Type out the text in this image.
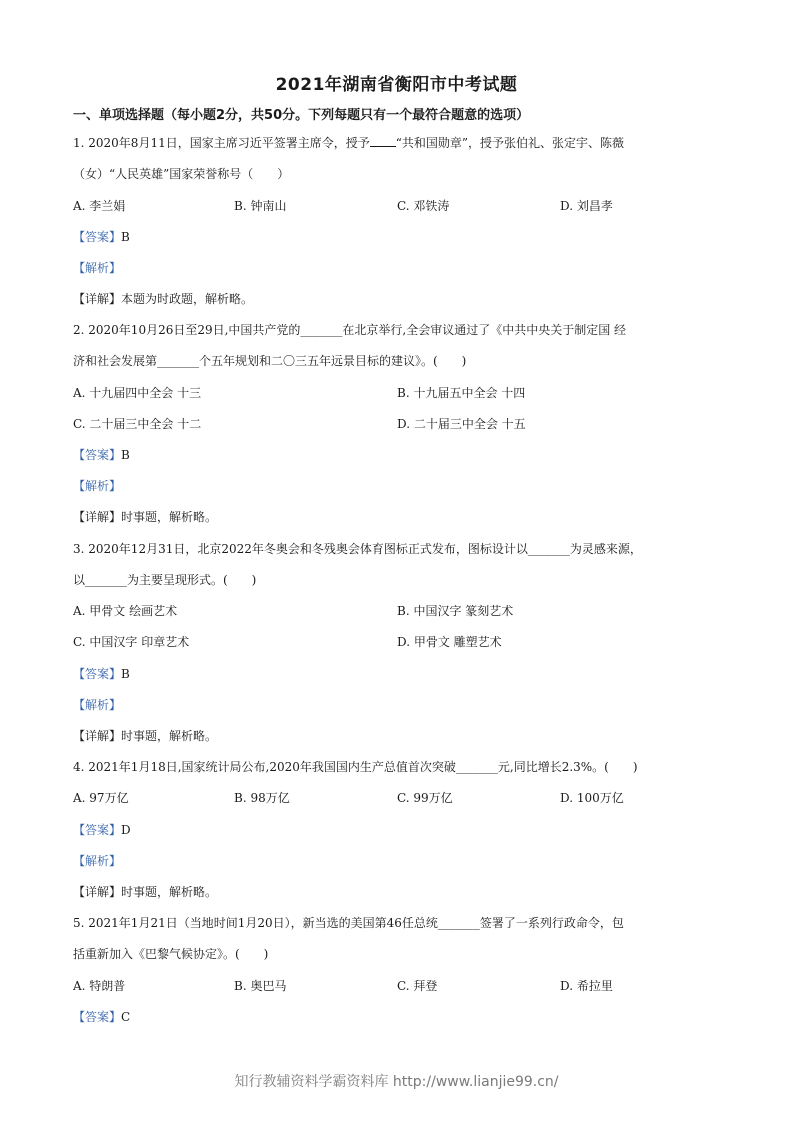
2021年湖南省衡阳市中考试题
一、单项选择题（每小题2分，共50分。下列每题只有一个最符合题意的选项）
1. 2020年8月11日，国家主席习近平签署主席令，授予 “共和国勋章”，授予张伯礼、张定宇、陈薇
（女）“人民英雄”国家荣誉称号（　　）
A. 李兰娟	B. 钟南山	C. 邓铁涛	D. 刘昌孝
【答案】B
【解析】
【详解】本题为时政题，解析略。
2. 2020年10月26日至29日,中国共产党的_______在北京举行,全会审议通过了《中共中央关于制定国 经
济和社会发展第_______个五年规划和二〇三五年远景目标的建议》。(　　)
A. 十九届四中全会 十三	B. 十九届五中全会 十四
C. 二十届三中全会 十二	D. 二十届三中全会 十五
【答案】B
【解析】
【详解】时事题，解析略。
3. 2020年12月31日，北京2022年冬奥会和冬残奥会体育图标正式发布，图标设计以_______为灵感来源，
以_______为主要呈现形式。(　　)
A. 甲骨文 绘画艺术	B. 中国汉字 篆刻艺术
C. 中国汉字 印章艺术	D. 甲骨文 雕塑艺术
【答案】B
【解析】
【详解】时事题，解析略。
4. 2021年1月18日,国家统计局公布,2020年我国国内生产总值首次突破_______元,同比增长2.3%。(　　)
A. 97万亿	B. 98万亿	C. 99万亿	D. 100万亿
【答案】D
【解析】
【详解】时事题，解析略。
5. 2021年1月21日（当地时间1月20日），新当选的美国第46任总统_______签署了一系列行政命令，包
括重新加入《巴黎气候协定》。(　　)
A. 特朗普	B. 奥巴马	C. 拜登	D. 希拉里
【答案】C
知行教辅资料学霸资料库 http://www.lianjie99.cn/
